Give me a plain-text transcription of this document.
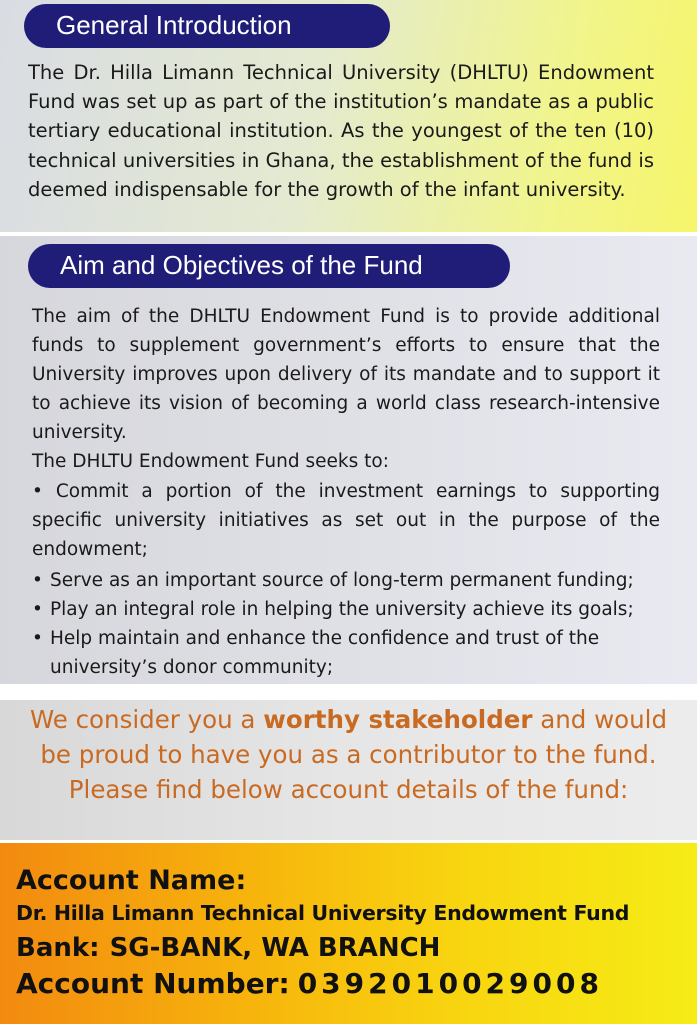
General Introduction
The Dr. Hilla Limann Technical University (DHLTU) Endowment Fund was set up as part of the institution’s mandate as a public tertiary educational institution. As the youngest of the ten (10) technical universities in Ghana, the establishment of the fund is deemed indispensable for the growth of the infant university.
Aim and Objectives of the Fund

The aim of the DHLTU Endowment Fund is to provide additional funds to supplement government’s efforts to ensure that the University improves upon delivery of its mandate and to support it to achieve its vision of becoming a world class research-intensive university.

The DHLTU Endowment Fund seeks to:

• Commit a portion of the investment earnings to supporting specific university initiatives as set out in the purpose of the endowment;

• Serve as an important source of long-term permanent funding;
• Play an integral role in helping the university achieve its goals;
• Help maintain and enhance the confidence and trust of the university’s donor community;
We consider you a worthy stakeholder and would be proud to have you as a contributor to the fund. Please find below account details of the fund:
Account Name:
Dr. Hilla Limann Technical University Endowment Fund
Bank: SG-BANK, WA BRANCH
Account Number: 0392010029008
